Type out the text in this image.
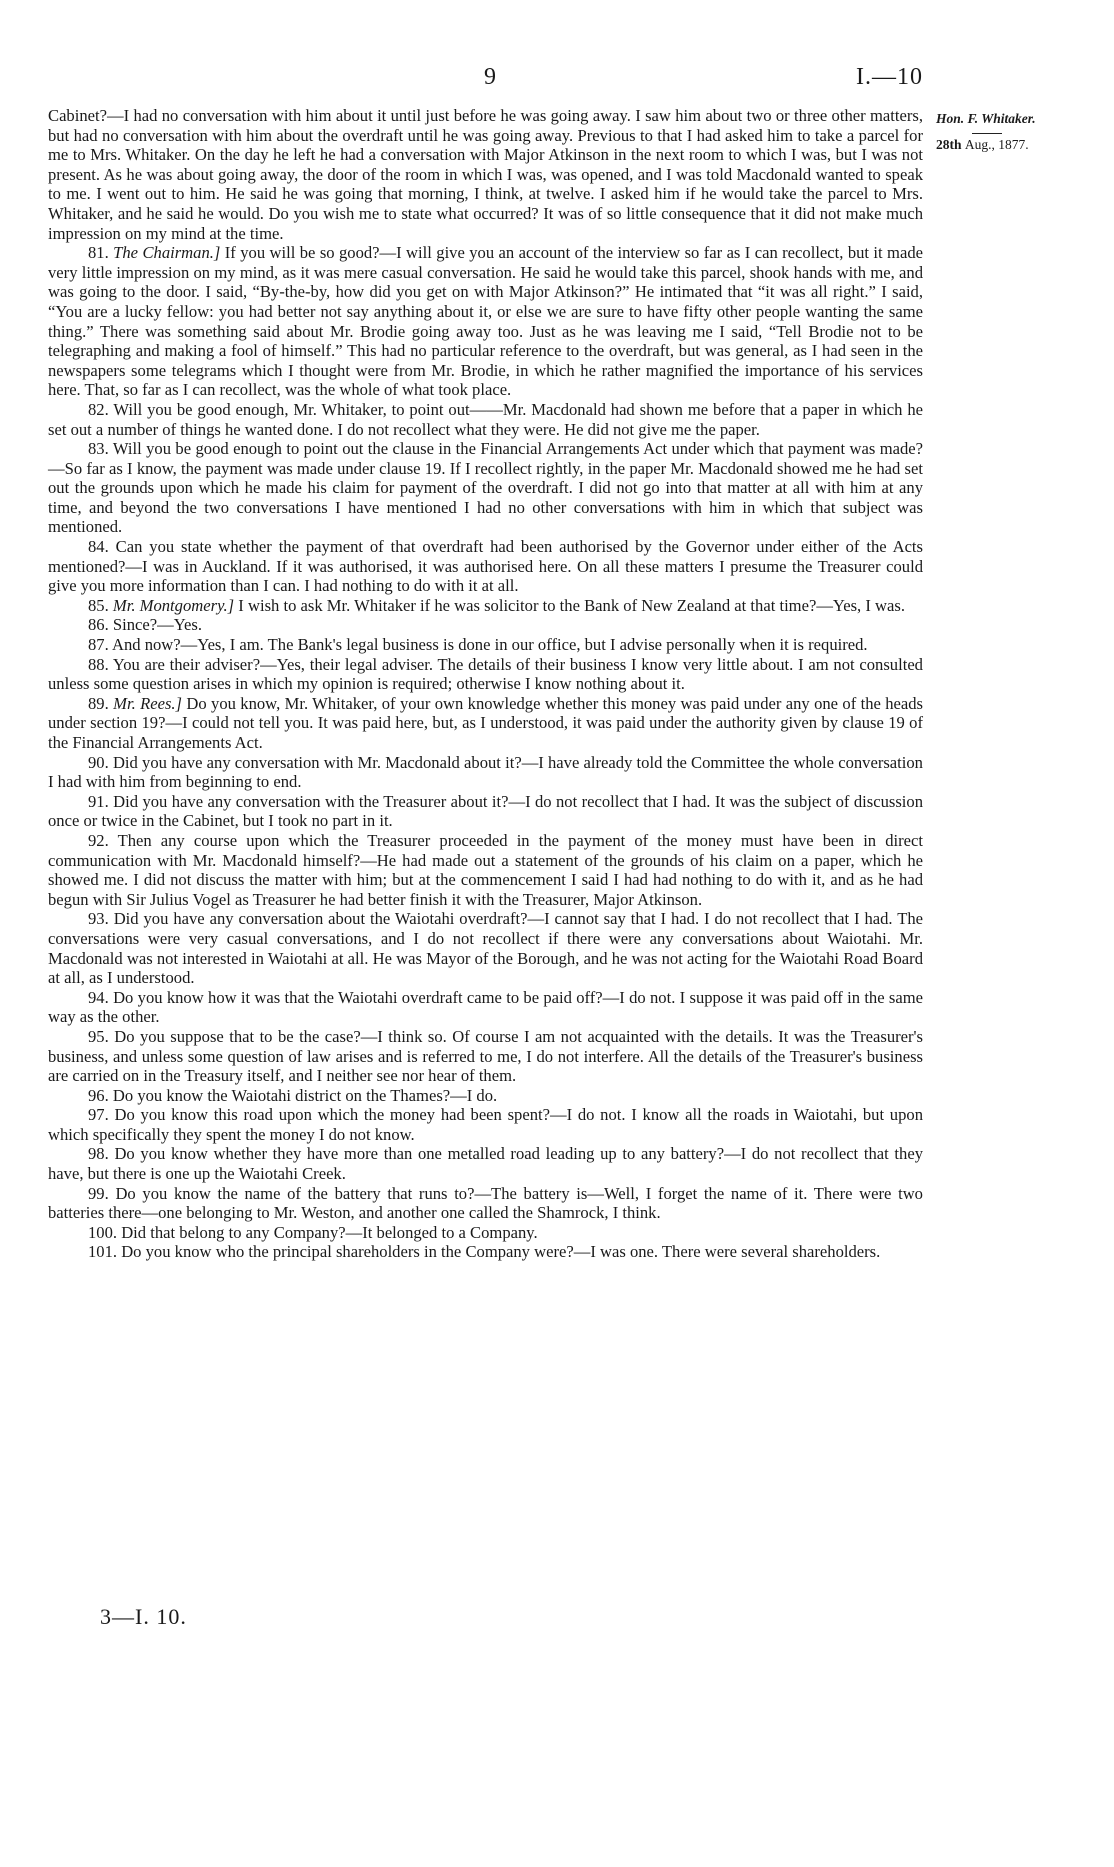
9	I.—10
Hon. F. Whitaker.
28th Aug., 1877.

Cabinet?—I had no conversation with him about it until just before he was going away. I saw him about two or three other matters, but had no conversation with him about the overdraft until he was going away. Previous to that I had asked him to take a parcel for me to Mrs. Whitaker. On the day he left he had a conversation with Major Atkinson in the next room to which I was, but I was not present. As he was about going away, the door of the room in which I was, was opened, and I was told Macdonald wanted to speak to me. I went out to him. He said he was going that morning, I think, at twelve. I asked him if he would take the parcel to Mrs. Whitaker, and he said he would. Do you wish me to state what occurred? It was of so little consequence that it did not make much impression on my mind at the time.

81. The Chairman.] If you will be so good?—I will give you an account of the interview so far as I can recollect, but it made very little impression on my mind, as it was mere casual conversation. He said he would take this parcel, shook hands with me, and was going to the door. I said, “By-the-by, how did you get on with Major Atkinson?” He intimated that “it was all right.” I said, “You are a lucky fellow: you had better not say anything about it, or else we are sure to have fifty other people wanting the same thing.” There was something said about Mr. Brodie going away too. Just as he was leaving me I said, “Tell Brodie not to be telegraphing and making a fool of himself.” This had no particular reference to the overdraft, but was general, as I had seen in the newspapers some telegrams which I thought were from Mr. Brodie, in which he rather magnified the importance of his services here. That, so far as I can recollect, was the whole of what took place.

82. Will you be good enough, Mr. Whitaker, to point out——Mr. Macdonald had shown me before that a paper in which he set out a number of things he wanted done. I do not recollect what they were. He did not give me the paper.

83. Will you be good enough to point out the clause in the Financial Arrangements Act under which that payment was made?—So far as I know, the payment was made under clause 19. If I recollect rightly, in the paper Mr. Macdonald showed me he had set out the grounds upon which he made his claim for payment of the overdraft. I did not go into that matter at all with him at any time, and beyond the two conversations I have mentioned I had no other conversations with him in which that subject was mentioned.

84. Can you state whether the payment of that overdraft had been authorised by the Governor under either of the Acts mentioned?—I was in Auckland. If it was authorised, it was authorised here. On all these matters I presume the Treasurer could give you more information than I can. I had nothing to do with it at all.

85. Mr. Montgomery.] I wish to ask Mr. Whitaker if he was solicitor to the Bank of New Zealand at that time?—Yes, I was.

86. Since?—Yes.

87. And now?—Yes, I am. The Bank's legal business is done in our office, but I advise personally when it is required.

88. You are their adviser?—Yes, their legal adviser. The details of their business I know very little about. I am not consulted unless some question arises in which my opinion is required; otherwise I know nothing about it.

89. Mr. Rees.] Do you know, Mr. Whitaker, of your own knowledge whether this money was paid under any one of the heads under section 19?—I could not tell you. It was paid here, but, as I understood, it was paid under the authority given by clause 19 of the Financial Arrangements Act.

90. Did you have any conversation with Mr. Macdonald about it?—I have already told the Committee the whole conversation I had with him from beginning to end.

91. Did you have any conversation with the Treasurer about it?—I do not recollect that I had. It was the subject of discussion once or twice in the Cabinet, but I took no part in it.

92. Then any course upon which the Treasurer proceeded in the payment of the money must have been in direct communication with Mr. Macdonald himself?—He had made out a statement of the grounds of his claim on a paper, which he showed me. I did not discuss the matter with him; but at the commencement I said I had had nothing to do with it, and as he had begun with Sir Julius Vogel as Treasurer he had better finish it with the Treasurer, Major Atkinson.

93. Did you have any conversation about the Waiotahi overdraft?—I cannot say that I had. I do not recollect that I had. The conversations were very casual conversations, and I do not recollect if there were any conversations about Waiotahi. Mr. Macdonald was not interested in Waiotahi at all. He was Mayor of the Borough, and he was not acting for the Waiotahi Road Board at all, as I understood.

94. Do you know how it was that the Waiotahi overdraft came to be paid off?—I do not. I suppose it was paid off in the same way as the other.

95. Do you suppose that to be the case?—I think so. Of course I am not acquainted with the details. It was the Treasurer's business, and unless some question of law arises and is referred to me, I do not interfere. All the details of the Treasurer's business are carried on in the Treasury itself, and I neither see nor hear of them.

96. Do you know the Waiotahi district on the Thames?—I do.

97. Do you know this road upon which the money had been spent?—I do not. I know all the roads in Waiotahi, but upon which specifically they spent the money I do not know.

98. Do you know whether they have more than one metalled road leading up to any battery?—I do not recollect that they have, but there is one up the Waiotahi Creek.

99. Do you know the name of the battery that runs to?—The battery is—Well, I forget the name of it. There were two batteries there—one belonging to Mr. Weston, and another one called the Shamrock, I think.

100. Did that belong to any Company?—It belonged to a Company.

101. Do you know who the principal shareholders in the Company were?—I was one. There were several shareholders.

3—I. 10.
